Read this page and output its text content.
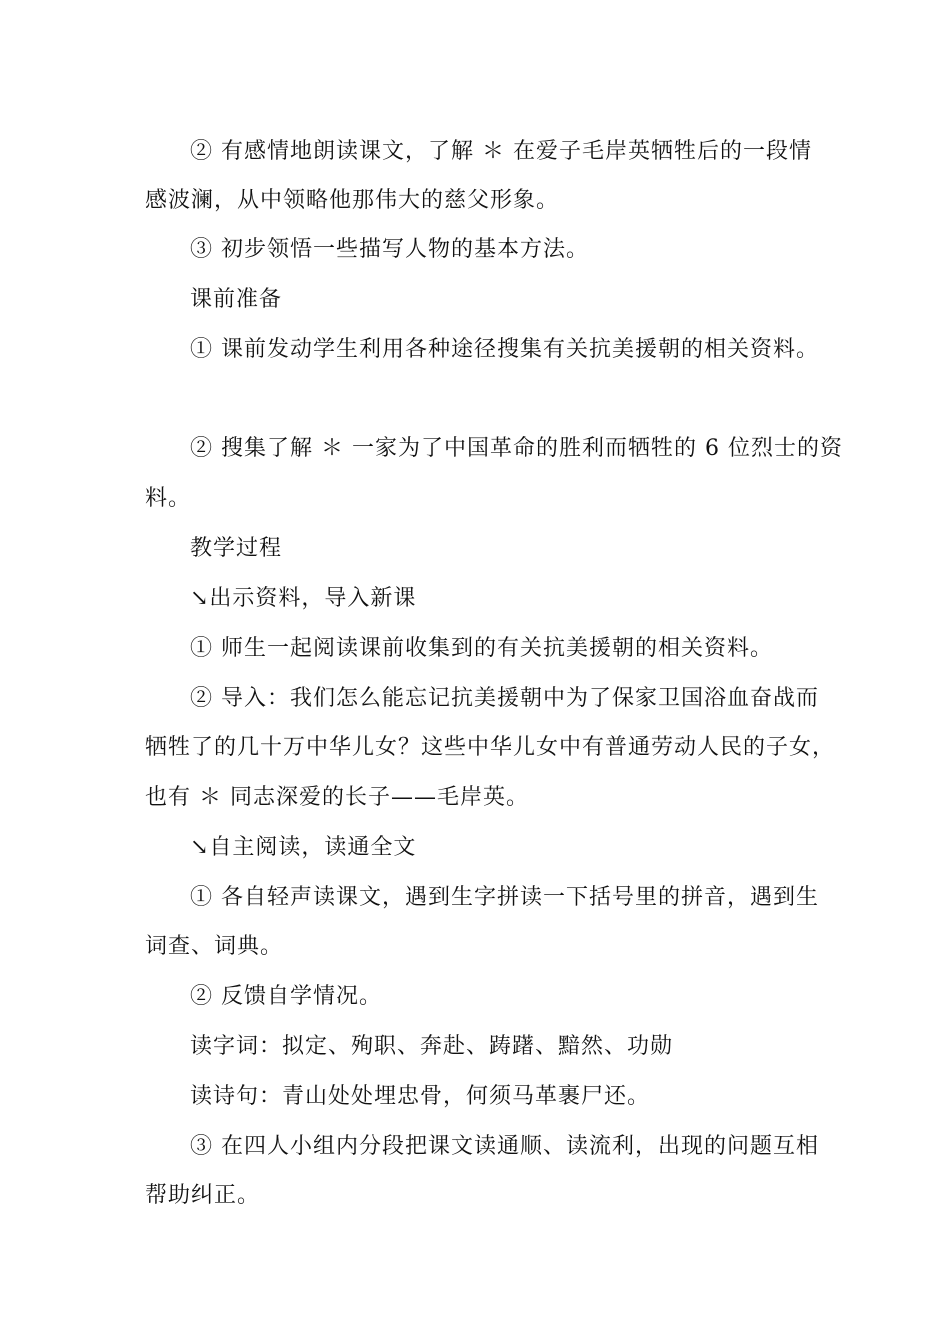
② 有感情地朗读课文，了解 ＊ 在爱子毛岸英牺牲后的一段情
感波澜，从中领略他那伟大的慈父形象。
③ 初步领悟一些描写人物的基本方法。
课前准备
① 课前发动学生利用各种途径搜集有关抗美援朝的相关资料。
② 搜集了解 ＊ 一家为了中国革命的胜利而牺牲的 6 位烈士的资
料。
教学过程
↘出示资料，导入新课
① 师生一起阅读课前收集到的有关抗美援朝的相关资料。
② 导入：我们怎么能忘记抗美援朝中为了保家卫国浴血奋战而
牺牲了的几十万中华儿女？这些中华儿女中有普通劳动人民的子女，
也有 ＊ 同志深爱的长子——毛岸英。
↘自主阅读，读通全文
① 各自轻声读课文，遇到生字拼读一下括号里的拼音，遇到生
词查、词典。
② 反馈自学情况。
读字词：拟定、殉职、奔赴、踌躇、黯然、功勋
读诗句：青山处处埋忠骨，何须马革裹尸还。
③ 在四人小组内分段把课文读通顺、读流利，出现的问题互相
帮助纠正。
